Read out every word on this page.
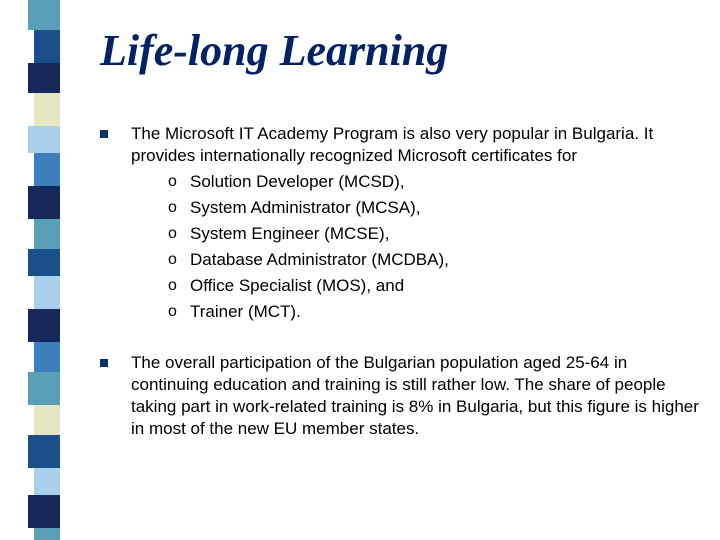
Life-long Learning
The Microsoft IT Academy Program is also very popular in Bulgaria. It provides internationally recognized Microsoft certificates for
o Solution Developer (MCSD),
o System Administrator (MCSA),
o System Engineer (MCSE),
o Database Administrator (MCDBA),
o Office Specialist (MOS), and
o Trainer (MCT).
The overall participation of the Bulgarian population aged 25-64 in continuing education and training is still rather low. The share of people taking part in work-related training is 8% in Bulgaria, but this figure is higher in most of the new EU member states.
